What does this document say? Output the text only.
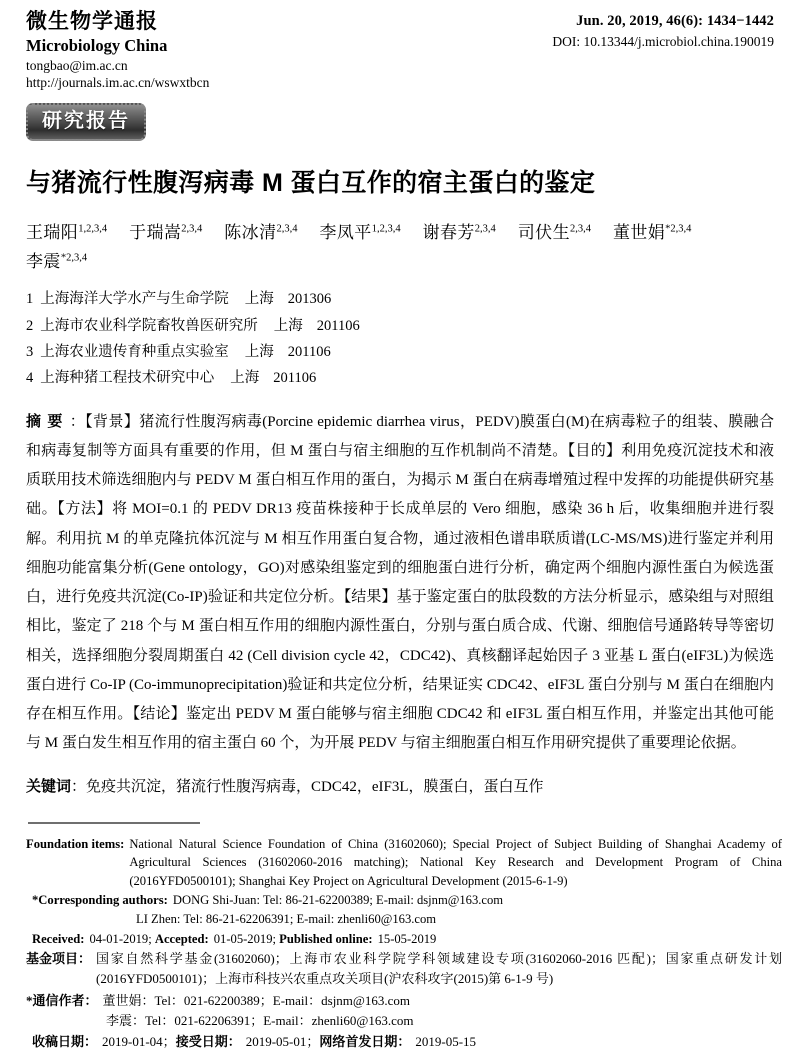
微生物学通报
Microbiology China
tongbao@im.ac.cn
http://journals.im.ac.cn/wswxtbcn
Jun. 20, 2019, 46(6): 1434−1442
DOI: 10.13344/j.microbiol.china.190019
研究报告
与猪流行性腹泻病毒 M 蛋白互作的宿主蛋白的鉴定
王瑞阳$^{1,2,3,4}$ 于瑞嵩$^{2,3,4}$ 陈冰清$^{2,3,4}$ 李凤平$^{1,2,3,4}$ 谢春芳$^{2,3,4}$ 司伏生$^{2,3,4}$ 董世娟$^{*2,3,4}$李震$^{*2,3,4}$
1 上海海洋大学水产与生命学院 上海 201306
2 上海市农业科学院畜牧兽医研究所 上海 201106
3 上海农业遗传育种重点实验室 上海 201106
4 上海种猪工程技术研究中心 上海 201106
摘要：【背景】猪流行性腹泻病毒(Porcine epidemic diarrhea virus，PEDV)膜蛋白(M)在病毒粒子的组装、膜融合和病毒复制等方面具有重要的作用，但 M 蛋白与宿主细胞的互作机制尚不清楚。【目的】利用免疫沉淀技术和液质联用技术筛选细胞内与 PEDV M 蛋白相互作用的蛋白，为揭示 M 蛋白在病毒增殖过程中发挥的功能提供研究基础。【方法】将 MOI=0.1 的 PEDV DR13 疫苗株接种于长成单层的 Vero 细胞，感染 36 h 后，收集细胞并进行裂解。利用抗 M 的单克隆抗体沉淀与 M 相互作用蛋白复合物，通过液相色谱串联质谱(LC-MS/MS)进行鉴定并利用细胞功能富集分析(Gene ontology，GO)对感染组鉴定到的细胞蛋白进行分析，确定两个细胞内源性蛋白为候选蛋白，进行免疫共沉淀(Co-IP)验证和共定位分析。【结果】基于鉴定蛋白的肽段数的方法分析显示，感染组与对照组相比，鉴定了 218 个与 M 蛋白相互作用的细胞内源性蛋白，分别与蛋白质合成、代谢、细胞信号通路转导等密切相关，选择细胞分裂周期蛋白 42 (Cell division cycle 42，CDC42)、真核翻译起始因子 3 亚基 L 蛋白(eIF3L)为候选蛋白进行 Co-IP (Co-immunoprecipitation)验证和共定位分析，结果证实 CDC42、eIF3L 蛋白分别与 M 蛋白在细胞内存在相互作用。【结论】鉴定出 PEDV M 蛋白能够与宿主细胞 CDC42 和 eIF3L 蛋白相互作用，并鉴定出其他可能与 M 蛋白发生相互作用的宿主蛋白 60 个，为开展 PEDV 与宿主细胞蛋白相互作用研究提供了重要理论依据。
关键词：免疫共沉淀，猪流行性腹泻病毒，CDC42，eIF3L，膜蛋白，蛋白互作
Foundation items: National Natural Science Foundation of China (31602060); Special Project of Subject Building of Shanghai Academy of Agricultural Sciences (31602060-2016 matching); National Key Research and Development Program of China (2016YFD0500101); Shanghai Key Project on Agricultural Development (2015-6-1-9)
*Corresponding authors: DONG Shi-Juan: Tel: 86-21-62200389; E-mail: dsjnm@163.com
LI Zhen: Tel: 86-21-62206391; E-mail: zhenli60@163.com
Received: 04-01-2019; Accepted: 01-05-2019; Published online: 15-05-2019
基金项目： 国家自然科学基金(31602060)；上海市农业科学院学科领域建设专项(31602060-2016 匹配)；国家重点研发计划(2016YFD0500101)；上海市科技兴农重点攻关项目(沪农科攻字(2015)第 6-1-9 号)
*通信作者： 董世娟：Tel：021-62200389；E-mail：dsjnm@163.com
李震：Tel：021-62206391；E-mail：zhenli60@163.com
收稿日期： 2019-01-04；接受日期： 2019-05-01；网络首发日期： 2019-05-15
